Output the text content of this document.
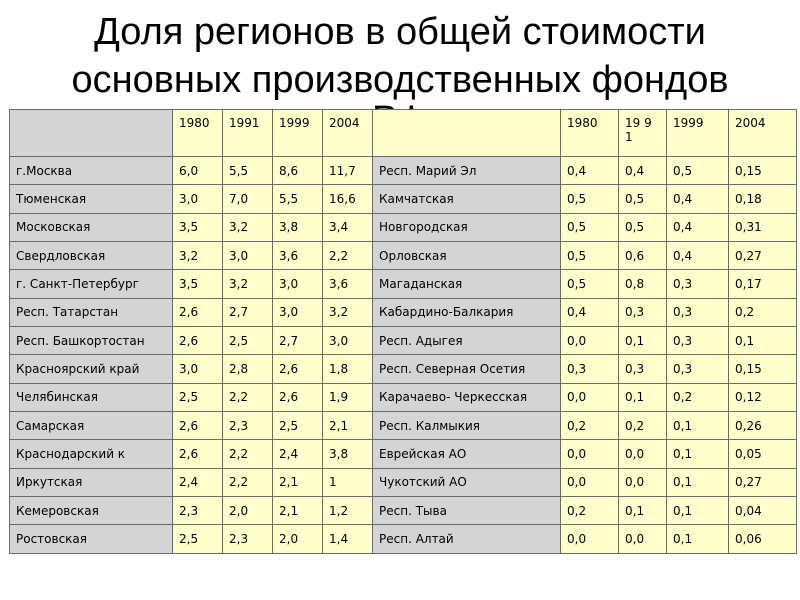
Доля регионов в общей стоимости
основных производственных фондов
	1980	1991	1999	2004		1980	19 9 1	1999	2004
г.Москва	6,0	5,5	8,6	11,7	Респ. Марий Эл	0,4	0,4	0,5	0,15
Тюменская	3,0	7,0	5,5	16,6	Камчатская	0,5	0,5	0,4	0,18
Московская	3,5	3,2	3,8	3,4	Новгородская	0,5	0,5	0,4	0,31
Свердловская	3,2	3,0	3,6	2,2	Орловская	0,5	0,6	0,4	0,27
г. Санкт-Петербург	3,5	3,2	3,0	3,6	Магаданская	0,5	0,8	0,3	0,17
Респ. Татарстан	2,6	2,7	3,0	3,2	Кабардино-Балкария	0,4	0,3	0,3	0,2
Респ. Башкортостан	2,6	2,5	2,7	3,0	Респ. Адыгея	0,0	0,1	0,3	0,1
Красноярский край	3,0	2,8	2,6	1,8	Респ. Северная Осетия	0,3	0,3	0,3	0,15
Челябинская	2,5	2,2	2,6	1,9	Карачаево- Черкесская	0,0	0,1	0,2	0,12
Самарская	2,6	2,3	2,5	2,1	Респ. Калмыкия	0,2	0,2	0,1	0,26
Краснодарский к	2,6	2,2	2,4	3,8	Еврейская АО	0,0	0,0	0,1	0,05
Иркутская	2,4	2,2	2,1	1	Чукотский АО	0,0	0,0	0,1	0,27
Кемеровская	2,3	2,0	2,1	1,2	Респ. Тыва	0,2	0,1	0,1	0,04
Ростовская	2,5	2,3	2,0	1,4	Респ. Алтай	0,0	0,0	0,1	0,06
